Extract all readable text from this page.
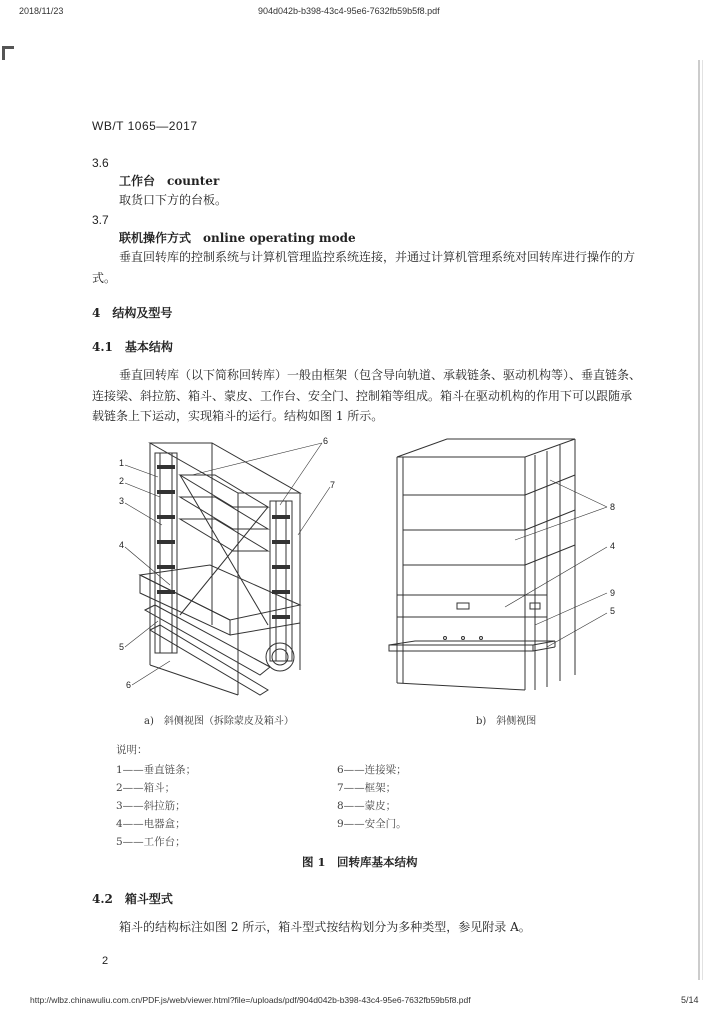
2018/11/23	904d042b-b398-43c4-95e6-7632fb59b5f8.pdf
WB/T 1065—2017
3.6
工作台　counter
取货口下方的台板。
3.7
联机操作方式　online operating mode
垂直回转库的控制系统与计算机管理监控系统连接，并通过计算机管理系统对回转库进行操作的方式。
4　结构及型号
4.1　基本结构
垂直回转库（以下简称回转库）一般由框架（包含导向轨道、承载链条、驱动机构等）、垂直链条、连接梁、斜拉筋、箱斗、蒙皮、工作台、安全门、控制箱等组成。箱斗在驱动机构的作用下可以跟随承载链条上下运动，实现箱斗的运行。结构如图 1 所示。
1
2
3
4
5
6
6
7
8
4
9
5
a)　斜侧视图（拆除蒙皮及箱斗）	b)　斜侧视图
说明：
1——垂直链条；
2——箱斗；
3——斜拉筋；
4——电器盒；
5——工作台；
6——连接梁；
7——框架；
8——蒙皮；
9——安全门。
图 1　回转库基本结构
4.2　箱斗型式
箱斗的结构标注如图 2 所示，箱斗型式按结构划分为多种类型，参见附录 A。
2
http://wlbz.chinawuliu.com.cn/PDF.js/web/viewer.html?file=/uploads/pdf/904d042b-b398-43c4-95e6-7632fb59b5f8.pdf	5/14
